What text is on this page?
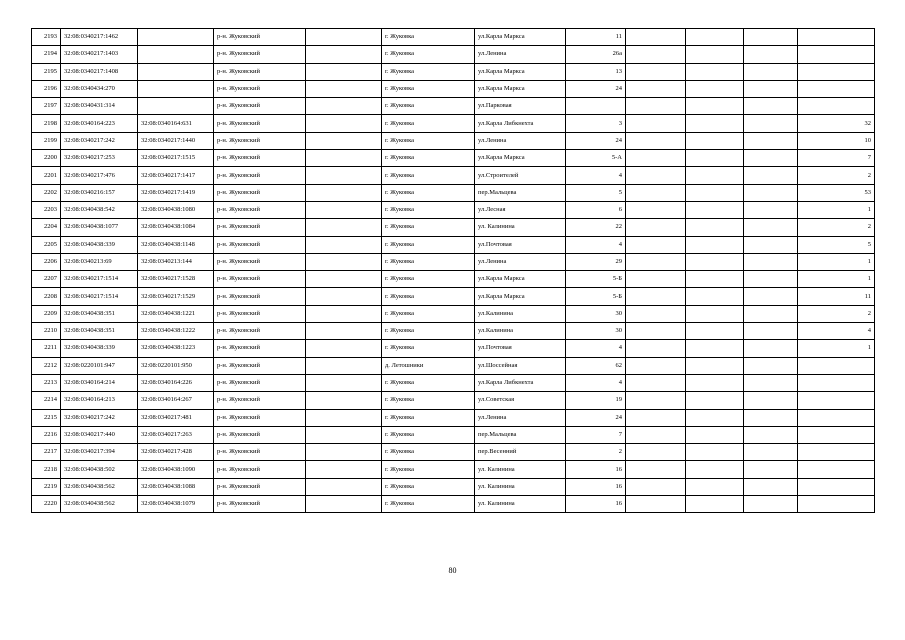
2193	32:08:0340217:1462		р-н. Жуковский		г. Жуковка	ул.Карла Маркса	11				
2194	32:08:0340217:1403		р-н. Жуковский		г. Жуковка	ул.Ленина	26а				
2195	32:08:0340217:1408		р-н. Жуковский		г. Жуковка	ул.Карла Маркса	13				
2196	32:08:0340434:270		р-н. Жуковский		г. Жуковка	ул.Карла Маркса	24				
2197	32:08:0340431:314		р-н. Жуковский		г. Жуковка	ул.Парковая					
2198	32:08:0340164:223	32:08:0340164:631	р-н. Жуковский		г. Жуковка	ул.Карла Либкнехта	3				32
2199	32:08:0340217:242	32:08:0340217:1440	р-н. Жуковский		г. Жуковка	ул.Ленина	24				10
2200	32:08:0340217:253	32:08:0340217:1515	р-н. Жуковский		г. Жуковка	ул.Карла Маркса	5-А				7
2201	32:08:0340217:476	32:08:0340217:1417	р-н. Жуковский		г. Жуковка	ул.Строителей	4				2
2202	32:08:0340216:157	32:08:0340217:1419	р-н. Жуковский		г. Жуковка	пер.Мальцева	5				53
2203	32:08:0340438:542	32:08:0340438:1080	р-н. Жуковский		г. Жуковка	ул.Лесная	6				1
2204	32:08:0340438:1077	32:08:0340438:1084	р-н. Жуковский		г. Жуковка	ул. Калинина	22				2
2205	32:08:0340438:339	32:08:0340438:1148	р-н. Жуковский		г. Жуковка	ул.Почтовая	4				5
2206	32:08:0340213:69	32:08:0340213:144	р-н. Жуковский		г. Жуковка	ул.Ленина	29				1
2207	32:08:0340217:1514	32:08:0340217:1528	р-н. Жуковский		г. Жуковка	ул.Карла Маркса	5-Б				1
2208	32:08:0340217:1514	32:08:0340217:1529	р-н. Жуковский		г. Жуковка	ул.Карла Маркса	5-Б				11
2209	32:08:0340438:351	32:08:0340438:1221	р-н. Жуковский		г. Жуковка	ул.Калинина	30				2
2210	32:08:0340438:351	32:08:0340438:1222	р-н. Жуковский		г. Жуковка	ул.Калинина	30				4
2211	32:08:0340438:339	32:08:0340438:1223	р-н. Жуковский		г. Жуковка	ул.Почтовая	4				1
2212	32:08:0220101:947	32:08:0220101:950	р-н. Жуковский		д. Летошники	ул.Шоссейная	62				
2213	32:08:0340164:214	32:08:0340164:226	р-н. Жуковский		г. Жуковка	ул.Карла Либкнехта	4				
2214	32:08:0340164:213	32:08:0340164:267	р-н. Жуковский		г. Жуковка	ул.Советская	19				
2215	32:08:0340217:242	32:08:0340217:481	р-н. Жуковский		г. Жуковка	ул.Ленина	24				
2216	32:08:0340217:440	32:08:0340217:263	р-н. Жуковский		г. Жуковка	пер.Мальцева	7				
2217	32:08:0340217:394	32:08:0340217:428	р-н. Жуковский		г. Жуковка	пер.Весенний	2				
2218	32:08:0340438:502	32:08:0340438:1090	р-н. Жуковский		г. Жуковка	ул. Калинина	16				
2219	32:08:0340438:562	32:08:0340438:1088	р-н. Жуковский		г. Жуковка	ул. Калинина	16				
2220	32:08:0340438:562	32:08:0340438:1079	р-н. Жуковский		г. Жуковка	ул. Калинина	16				
80
